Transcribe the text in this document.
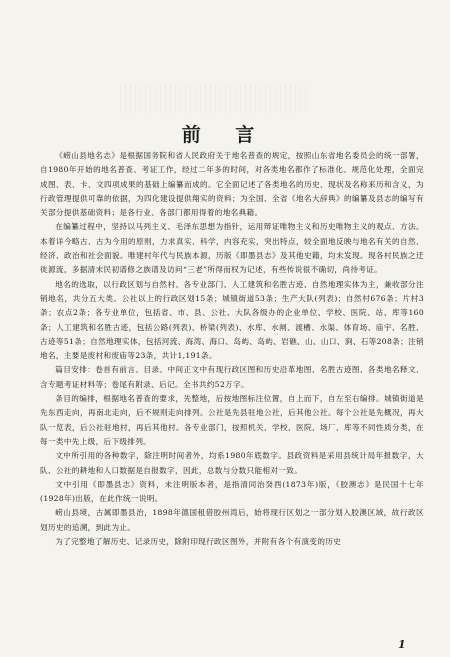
前 言

《崂山县地名志》是根据国务院和省人民政府关于地名普查的规定，按照山东省地名委员会的统一部署，自1980年开始的地名普查、考证工作，经过二年多的时间，对各类地名都作了标准化、规范化处理，全面完成图、表、卡、文四项成果的基础上编纂而成的。它全面记述了各类地名的历史、现状及名称来历和含义，为行政管理提供可靠的依据，为四化建设提供翔实的资料；为全国、全省《地名大辞典》的编纂及县志的编写有关部分提供基础资料；是各行业、各部门都用得着的地名典籍。

在编纂过程中，坚持以马列主义、毛泽东思想为指针，运用辩证唯物主义和历史唯物主义的观点、方法。本着详今略古、古为今用的原则，力求真实、科学，内容充实，突出特点，较全面地反映与地名有关的自然、经济、政治和社会面貌。唯建村年代与民族本源，历版《即墨县志》及其他史籍，均未发现。现各村民族之迁徙源流，多据清末民初谱修之族谱及访问“三老”所得而权为记述，有些传说很不确切，尚待考证。

地名的选取，以行政区划与自然村、各专业部门、人工建筑和名胜古迹、自然地理实体为主，兼收部分注销地名，共分五大类。公社以上的行政区划15条；城镇街道53条；生产大队(列表)；自然村676条；片村3条；农点2条；各专业单位，包括省、市、县、公社、大队各级办的企业单位、学校、医院、站、库等160条；人工建筑和名胜古迹，包括公路(列表)、桥梁(列表)、水库、水闸、渡槽、水渠、体育场、庙宇、名胜、古迹等51条；自然地理实体，包括河流、海湾、海口、岛屿、岛屿、岩礁、山、山口、涧、石等208条；注销地名，主要是废村和废庙等23条，共计1,191条。

篇目安排：卷首有前言、目录、中间正文中有现行政区图和历史沿革地图、名胜古迹图、各类地名释文、含专题考证材料等；卷尾有附录、后记。全书共约52万字。

条目的编排，根据地名普查的要求，先整地，后按地图标注位置，自上而下，自左至右编排。城镇街道是先东西走向，再南北走向，后不规则走向排列。公社是先县驻地公社，后其他公社。每个公社是先概况，再大队一览表，后公社驻地村，再后其他村。各专业部门，按照机关、学校、医院、场厂、库等不同性质分类，在每一类中先上级，后下级排列。

文中所引用的各种数字，除注明时间者外，均系1980年底数字。县政资料是采用县统计局年报数字，大队、公社的耕地和人口数据是自报数字，因此，总数与分数只能相对一致。

文中引用《即墨县志》资料，未注明版本者，是指清同治癸酉(1873年)版，《胶澳志》是民国十七年(1928年)出版，在此作统一说明。

崂山县境，古属即墨县治，1898年德国租借胶州湾后，始将现行区划之一部分划入胶澳区域，故行政区划历史的追溯，到此为止。

为了完整地了解历史、记录历史，除附印现行政区图外，并附有各个有演变的历史

1
